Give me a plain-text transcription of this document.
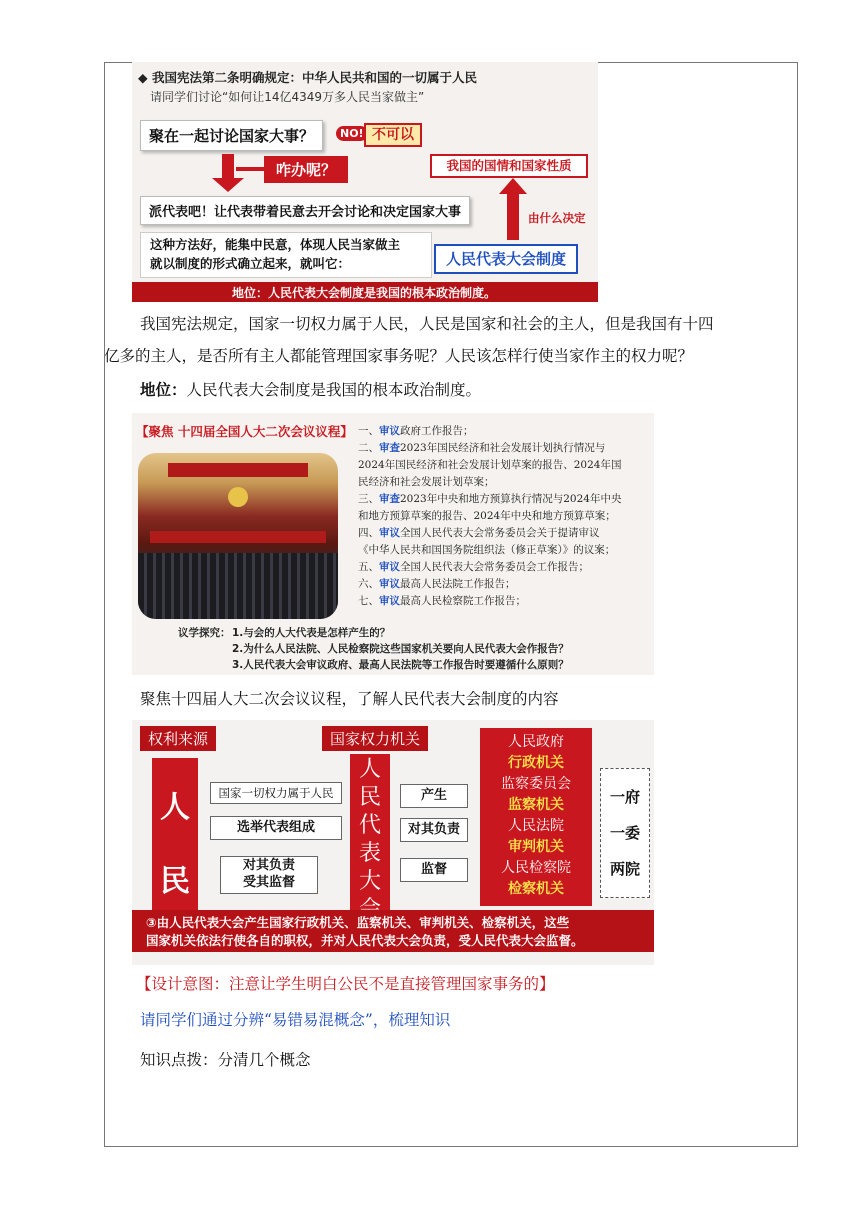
◆ 我国宪法第二条明确规定：中华人民共和国的一切属于人民
请同学们讨论“如何让14亿4349万多人民当家做主”
聚在一起讨论国家大事？	NO! 不可以
咋办呢？	我国的国情和国家性质
派代表吧！让代表带着民意去开会讨论和决定国家大事	由什么决定
这种方法好，能集中民意，体现人民当家做主
就以制度的形式确立起来，就叫它：	人民代表大会制度
地位：人民代表大会制度是我国的根本政治制度。
我国宪法规定，国家一切权力属于人民，人民是国家和社会的主人，但是我国有十四
亿多的主人，是否所有主人都能管理国家事务呢？人民该怎样行使当家作主的权力呢？
地位：人民代表大会制度是我国的根本政治制度。
【聚焦 十四届全国人大二次会议议程】 一、审议政府工作报告；
二、审查2023年国民经济和社会发展计划执行情况与
2024年国民经济和社会发展计划草案的报告、2024年国
民经济和社会发展计划草案；
三、审查2023年中央和地方预算执行情况与2024年中央
和地方预算草案的报告、2024年中央和地方预算草案；
四、审议全国人民代表大会常务委员会关于提请审议
《中华人民共和国国务院组织法（修正草案）》的议案；
五、审议全国人民代表大会常务委员会工作报告；
六、审议最高人民法院工作报告；
七、审议最高人民检察院工作报告；
议学探究： 1.与会的人大代表是怎样产生的？
2.为什么人民法院、人民检察院这些国家机关要向人民代表大会作报告？
3.人民代表大会审议政府、最高人民法院等工作报告时要遵循什么原则？
聚焦十四届人大二次会议议程，了解人民代表大会制度的内容
权利来源	国家权力机关
人
民
国家一切权力属于人民
选举代表组成
对其负责
受其监督
人
民
代
表
大
产生
对其负责
监督
人民政府
行政机关
监察委员会
监察机关
人民法院
审判机关
人民检察院
检察机关
一府
一委
两院
③由人民代表大会产生国家行政机关、监察机关、审判机关、检察机关，这些
国家机关依法行使各自的职权，并对人民代表大会负责，受人民代表大会监督。
【设计意图：注意让学生明白公民不是直接管理国家事务的】
请同学们通过分辨“易错易混概念”，梳理知识
知识点拨：分清几个概念
